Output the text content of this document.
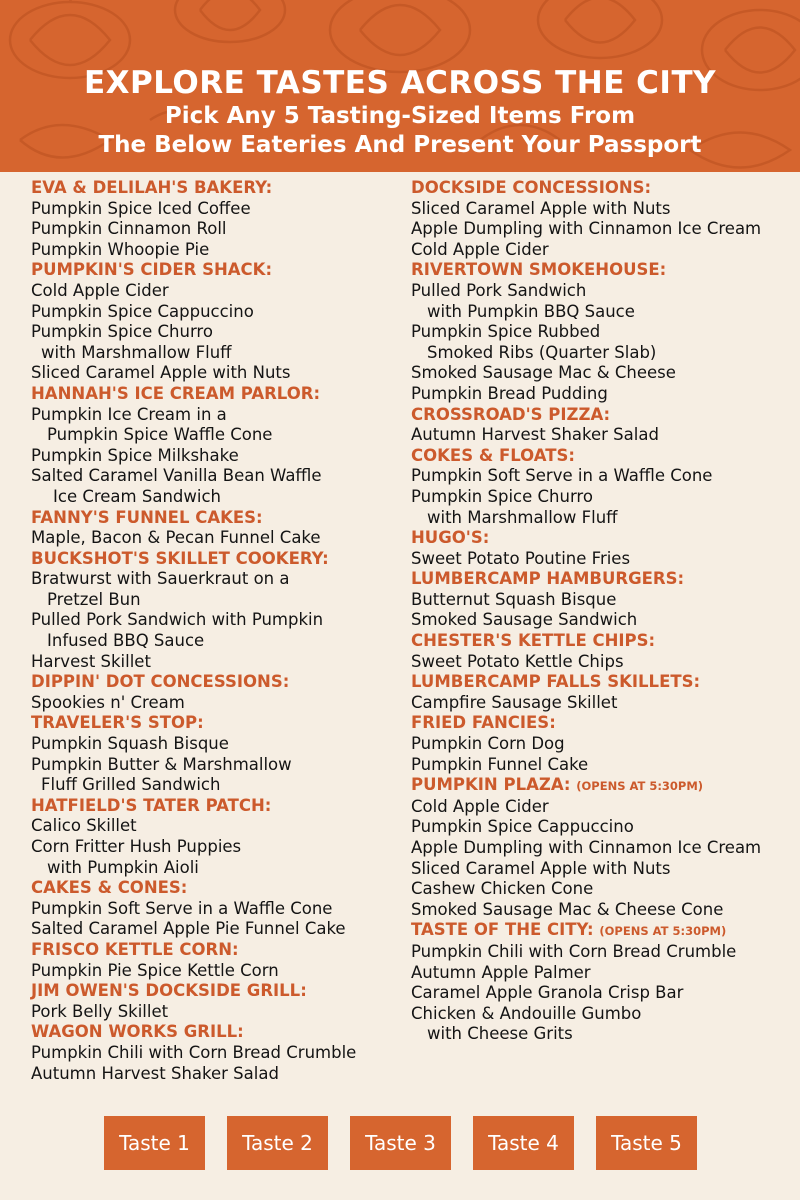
EXPLORE TASTES ACROSS THE CITY
Pick Any 5 Tasting-Sized Items From
The Below Eateries And Present Your Passport
EVA & DELILAH'S BAKERY:
Pumpkin Spice Iced Coffee
Pumpkin Cinnamon Roll
Pumpkin Whoopie Pie
PUMPKIN'S CIDER SHACK:
Cold Apple Cider
Pumpkin Spice Cappuccino
Pumpkin Spice Churro
with Marshmallow Fluff
Sliced Caramel Apple with Nuts
HANNAH'S ICE CREAM PARLOR:
Pumpkin Ice Cream in a
Pumpkin Spice Waffle Cone
Pumpkin Spice Milkshake
Salted Caramel Vanilla Bean Waffle
Ice Cream Sandwich
FANNY'S FUNNEL CAKES:
Maple, Bacon & Pecan Funnel Cake
BUCKSHOT'S SKILLET COOKERY:
Bratwurst with Sauerkraut on a
Pretzel Bun
Pulled Pork Sandwich with Pumpkin
Infused BBQ Sauce
Harvest Skillet
DIPPIN' DOT CONCESSIONS:
Spookies n' Cream
TRAVELER'S STOP:
Pumpkin Squash Bisque
Pumpkin Butter & Marshmallow
Fluff Grilled Sandwich
HATFIELD'S TATER PATCH:
Calico Skillet
Corn Fritter Hush Puppies
with Pumpkin Aioli
CAKES & CONES:
Pumpkin Soft Serve in a Waffle Cone
Salted Caramel Apple Pie Funnel Cake
FRISCO KETTLE CORN:
Pumpkin Pie Spice Kettle Corn
JIM OWEN'S DOCKSIDE GRILL:
Pork Belly Skillet
WAGON WORKS GRILL:
Pumpkin Chili with Corn Bread Crumble
Autumn Harvest Shaker Salad
DOCKSIDE CONCESSIONS:
Sliced Caramel Apple with Nuts
Apple Dumpling with Cinnamon Ice Cream
Cold Apple Cider
RIVERTOWN SMOKEHOUSE:
Pulled Pork Sandwich
with Pumpkin BBQ Sauce
Pumpkin Spice Rubbed
Smoked Ribs (Quarter Slab)
Smoked Sausage Mac & Cheese
Pumpkin Bread Pudding
CROSSROAD'S PIZZA:
Autumn Harvest Shaker Salad
COKES & FLOATS:
Pumpkin Soft Serve in a Waffle Cone
Pumpkin Spice Churro
with Marshmallow Fluff
HUGO'S:
Sweet Potato Poutine Fries
LUMBERCAMP HAMBURGERS:
Butternut Squash Bisque
Smoked Sausage Sandwich
CHESTER'S KETTLE CHIPS:
Sweet Potato Kettle Chips
LUMBERCAMP FALLS SKILLETS:
Campfire Sausage Skillet
FRIED FANCIES:
Pumpkin Corn Dog
Pumpkin Funnel Cake
PUMPKIN PLAZA: (OPENS AT 5:30PM)
Cold Apple Cider
Pumpkin Spice Cappuccino
Apple Dumpling with Cinnamon Ice Cream
Sliced Caramel Apple with Nuts
Cashew Chicken Cone
Smoked Sausage Mac & Cheese Cone
TASTE OF THE CITY: (OPENS AT 5:30PM)
Pumpkin Chili with Corn Bread Crumble
Autumn Apple Palmer
Caramel Apple Granola Crisp Bar
Chicken & Andouille Gumbo
with Cheese Grits
Taste 1	Taste 2	Taste 3	Taste 4	Taste 5
